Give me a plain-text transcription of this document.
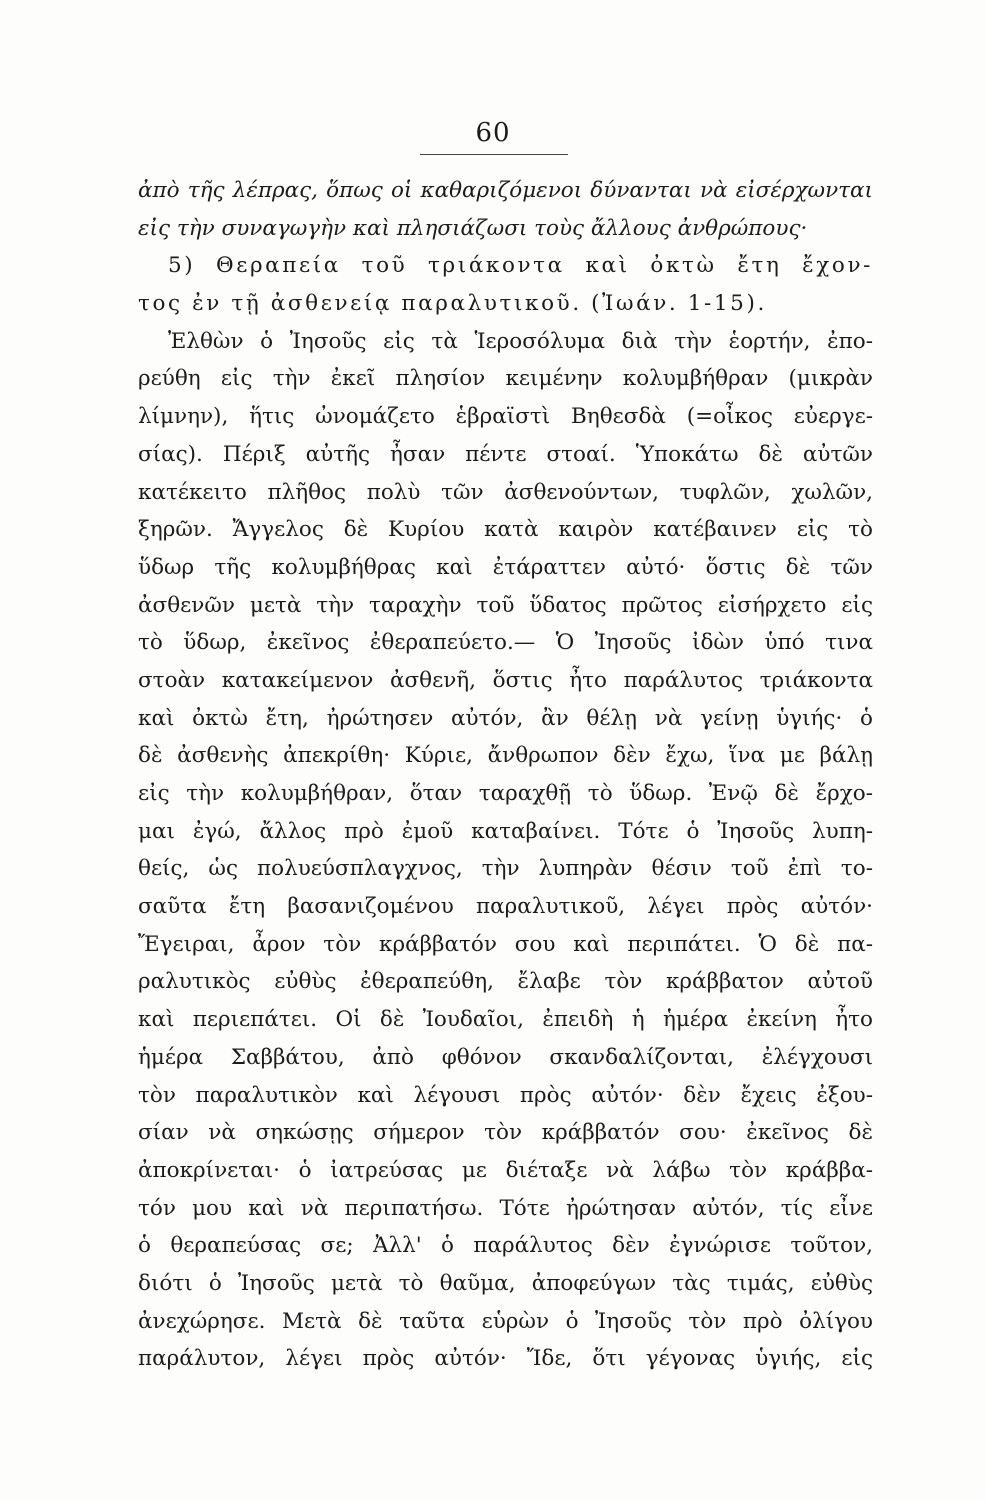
60
ἀπὸ τῆς λέπρας, ὅπως οἱ καθαριζόμενοι δύνανται νὰ εἰσέρχωνται
εἰς τὴν συναγωγὴν καὶ πλησιάζωσι τοὺς ἄλλους ἀνθρώπους·
5) Θεραπεία τοῦ τριάκοντα καὶ ὀκτὼ ἔτη ἔχον-
τος ἐν τῇ ἀσθενείᾳ παραλυτικοῦ. (Ἰωάν. 1-15).
Ἐλθὼν ὁ Ἰησοῦς εἰς τὰ Ἱεροσόλυμα διὰ τὴν ἑορτήν, ἐπο-
ρεύθη εἰς τὴν ἐκεῖ πλησίον κειμένην κολυμβήθραν (μικρὰν
λίμνην), ἥτις ὠνομάζετο ἑβραϊστὶ Βηθεσδὰ (=οἶκος εὐεργε-
σίας). Πέριξ αὐτῆς ἦσαν πέντε στοαί. Ὑποκάτω δὲ αὐτῶν
κατέκειτο πλῆθος πολὺ τῶν ἀσθενούντων, τυφλῶν, χωλῶν,
ξηρῶν. Ἄγγελος δὲ Κυρίου κατὰ καιρὸν κατέβαινεν εἰς τὸ
ὕδωρ τῆς κολυμβήθρας καὶ ἐτάραττεν αὐτό· ὅστις δὲ τῶν
ἀσθενῶν μετὰ τὴν ταραχὴν τοῦ ὕδατος πρῶτος εἰσήρχετο εἰς
τὸ ὕδωρ, ἐκεῖνος ἐθεραπεύετο.— Ὁ Ἰησοῦς ἰδὼν ὑπό τινα
στοὰν κατακείμενον ἀσθενῆ, ὅστις ἦτο παράλυτος τριάκοντα
καὶ ὀκτὼ ἔτη, ἠρώτησεν αὐτόν, ἂν θέλῃ νὰ γείνῃ ὑγιής· ὁ
δὲ ἀσθενὴς ἀπεκρίθη· Κύριε, ἄνθρωπον δὲν ἔχω, ἵνα με βάλῃ
εἰς τὴν κολυμβήθραν, ὅταν ταραχθῇ τὸ ὕδωρ. Ἐνῷ δὲ ἔρχο-
μαι ἐγώ, ἄλλος πρὸ ἐμοῦ καταβαίνει. Τότε ὁ Ἰησοῦς λυπη-
θείς, ὡς πολυεύσπλαγχνος, τὴν λυπηρὰν θέσιν τοῦ ἐπὶ το-
σαῦτα ἔτη βασανιζομένου παραλυτικοῦ, λέγει πρὸς αὐτόν·
Ἔγειραι, ἆρον τὸν κράββατόν σου καὶ περιπάτει. Ὁ δὲ πα-
ραλυτικὸς εὐθὺς ἐθεραπεύθη, ἔλαβε τὸν κράββατον αὐτοῦ
καὶ περιεπάτει. Οἱ δὲ Ἰουδαῖοι, ἐπειδὴ ἡ ἡμέρα ἐκείνη ἦτο
ἡμέρα Σαββάτου, ἀπὸ φθόνον σκανδαλίζονται, ἐλέγχουσι
τὸν παραλυτικὸν καὶ λέγουσι πρὸς αὐτόν· δὲν ἔχεις ἐξου-
σίαν νὰ σηκώσῃς σήμερον τὸν κράββατόν σου· ἐκεῖνος δὲ
ἀποκρίνεται· ὁ ἰατρεύσας με διέταξε νὰ λάβω τὸν κράββα-
τόν μου καὶ νὰ περιπατήσω. Τότε ἠρώτησαν αὐτόν, τίς εἶνε
ὁ θεραπεύσας σε; Ἀλλ' ὁ παράλυτος δὲν ἐγνώρισε τοῦτον,
διότι ὁ Ἰησοῦς μετὰ τὸ θαῦμα, ἀποφεύγων τὰς τιμάς, εὐθὺς
ἀνεχώρησε. Μετὰ δὲ ταῦτα εὑρὼν ὁ Ἰησοῦς τὸν πρὸ ὀλίγου
παράλυτον, λέγει πρὸς αὐτόν· Ἴδε, ὅτι γέγονας ὑγιής, εἰς
